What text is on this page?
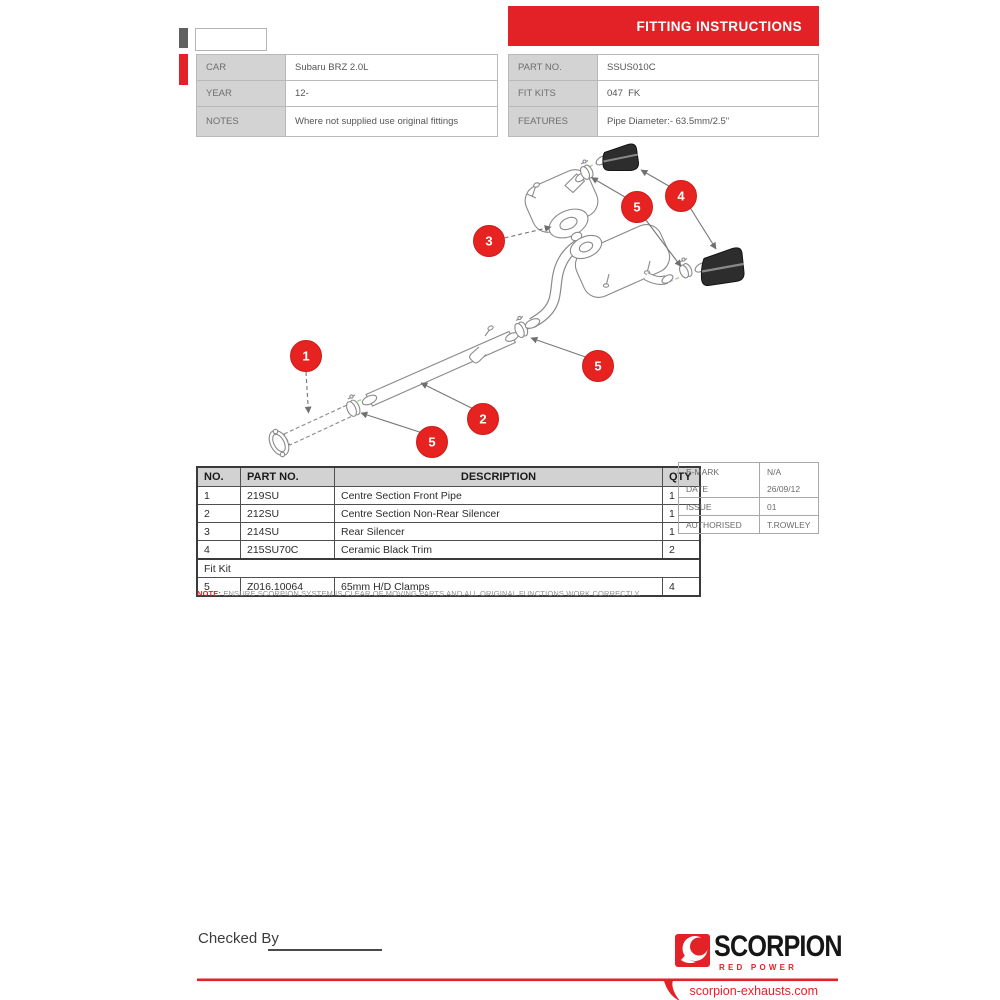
FITTING INSTRUCTIONS
CAR	Subaru BRZ 2.0L
YEAR	12-
NOTES	Where not supplied use original fittings
PART NO.	SSUS010C
FIT KITS	047  FK
FEATURES	Pipe Diameter:- 63.5mm/2.5"
1
2
3
4
5
5
5
NO.	PART NO.	DESCRIPTION	QTY
1	219SU	Centre Section Front Pipe	1
2	212SU	Centre Section Non-Rear Silencer	1
3	214SU	Rear Silencer	1
4	215SU70C	Ceramic Black Trim	2
Fit Kit			
5	Z016.10064	65mm H/D Clamps	4
NOTE: ENSURE SCORPION SYSTEM IS CLEAR OF MOVING PARTS AND ALL ORIGINAL FUNCTIONS WORK CORRECTLY.
E-MARK	N/A
DATE	26/09/12
ISSUE	01
AUTHORISED	T.ROWLEY
Checked By	SCORPION
RED POWER
scorpion-exhausts.com
